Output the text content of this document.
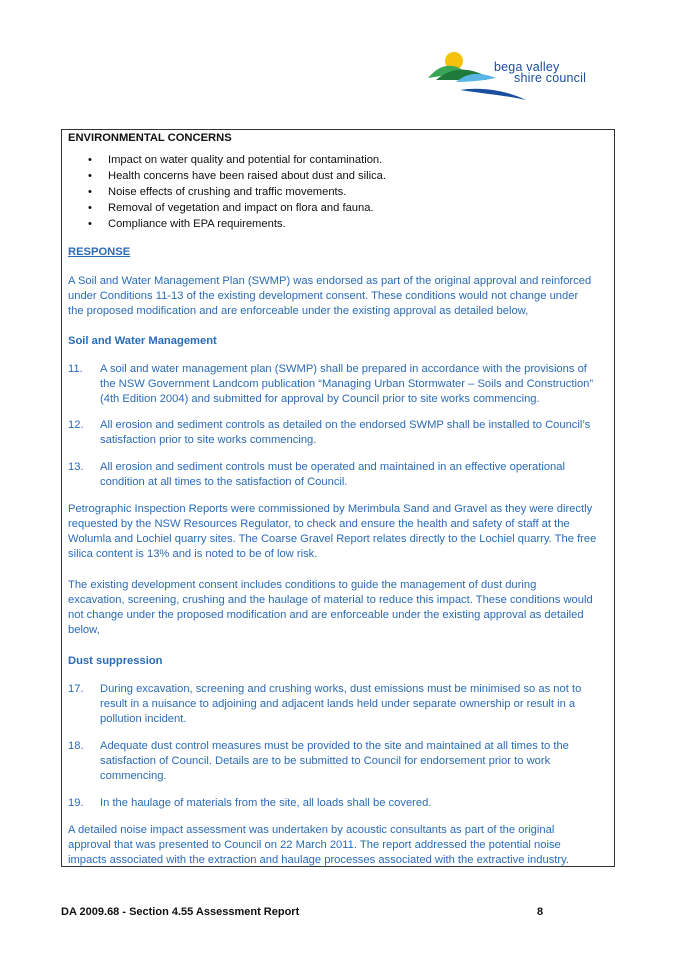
bega valley
shire council
ENVIRONMENTAL CONCERNS
• Impact on water quality and potential for contamination.
• Health concerns have been raised about dust and silica.
• Noise effects of crushing and traffic movements.
• Removal of vegetation and impact on flora and fauna.
• Compliance with EPA requirements.
RESPONSE
A Soil and Water Management Plan (SWMP) was endorsed as part of the original approval and reinforced
under Conditions 11-13 of the existing development consent. These conditions would not change under
the proposed modification and are enforceable under the existing approval as detailed below,
Soil and Water Management
11. A soil and water management plan (SWMP) shall be prepared in accordance with the provisions of
the NSW Government Landcom publication “Managing Urban Stormwater – Soils and Construction”
(4th Edition 2004) and submitted for approval by Council prior to site works commencing.
12. All erosion and sediment controls as detailed on the endorsed SWMP shall be installed to Council’s
satisfaction prior to site works commencing.
13. All erosion and sediment controls must be operated and maintained in an effective operational
condition at all times to the satisfaction of Council.
Petrographic Inspection Reports were commissioned by Merimbula Sand and Gravel as they were directly
requested by the NSW Resources Regulator, to check and ensure the health and safety of staff at the
Wolumla and Lochiel quarry sites. The Coarse Gravel Report relates directly to the Lochiel quarry. The free
silica content is 13% and is noted to be of low risk.
The existing development consent includes conditions to guide the management of dust during
excavation, screening, crushing and the haulage of material to reduce this impact. These conditions would
not change under the proposed modification and are enforceable under the existing approval as detailed
below,
Dust suppression
17. During excavation, screening and crushing works, dust emissions must be minimised so as not to
result in a nuisance to adjoining and adjacent lands held under separate ownership or result in a
pollution incident.
18. Adequate dust control measures must be provided to the site and maintained at all times to the
satisfaction of Council. Details are to be submitted to Council for endorsement prior to work
commencing.
19. In the haulage of materials from the site, all loads shall be covered.
A detailed noise impact assessment was undertaken by acoustic consultants as part of the original
approval that was presented to Council on 22 March 2011. The report addressed the potential noise
impacts associated with the extraction and haulage processes associated with the extractive industry.
DA 2009.68 - Section 4.55 Assessment Report	8
